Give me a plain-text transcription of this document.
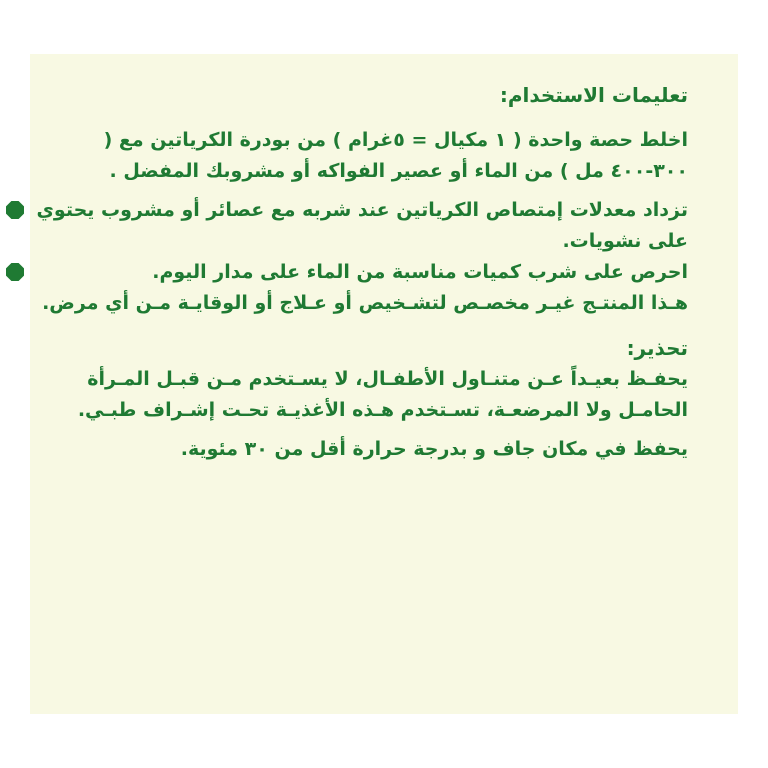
تعليمات الاستخدام:

اخلط حصة واحدة ( ١ مكيال = ٥غرام ) من بودرة الكرياتين مع ( ٣٠٠-٤٠٠ مل ) من الماء أو عصير الفواكه أو مشروبك المفضل .

تزداد معدلات إمتصاص الكرياتين عند شربه مع عصائر أو مشروب يحتوي على نشويات.
احرص على شرب كميات مناسبة من الماء على مدار اليوم.

هـذا المنتـج غيـر مخصـص لتشـخيص أو عـلاج أو الوقايـة مـن أي مرض.

تحذير:

يحفـظ بعيـداً عـن متنـاول الأطفـال، لا يسـتخدم مـن قبـل المـرأة الحامـل ولا المرضعـة، تسـتخدم هـذه الأغذيـة تحـت إشـراف طبـي.

يحفظ في مكان جاف و بدرجة حرارة أقل من ٣٠ مئوية.
